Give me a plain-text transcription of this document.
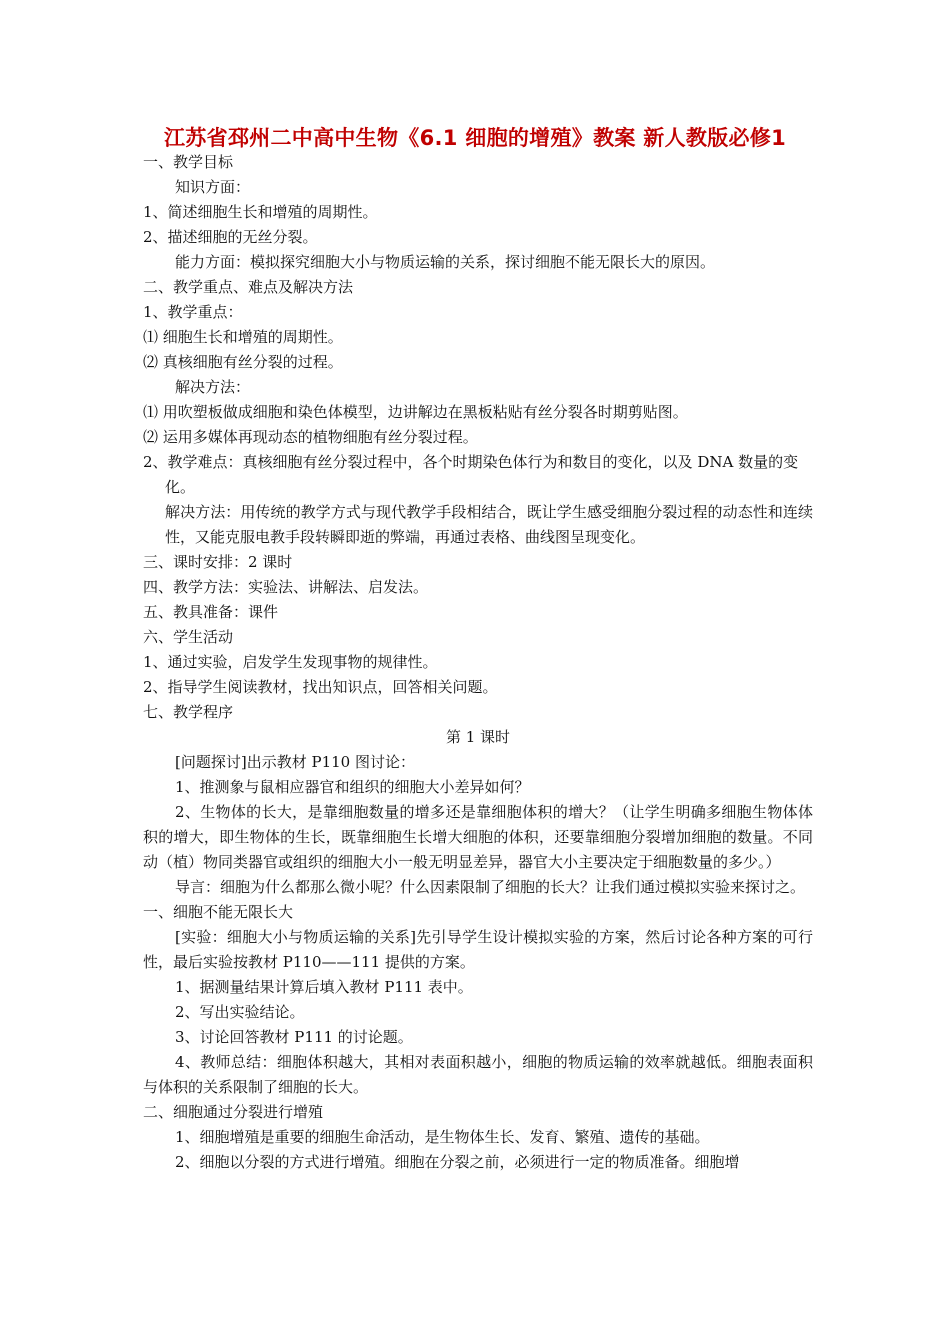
江苏省邳州二中高中生物《6.1 细胞的增殖》教案 新人教版必修1
一、教学目标
知识方面：
1、简述细胞生长和增殖的周期性。
2、描述细胞的无丝分裂。
能力方面：模拟探究细胞大小与物质运输的关系，探讨细胞不能无限长大的原因。
二、教学重点、难点及解决方法
1、教学重点：
⑴ 细胞生长和增殖的周期性。
⑵ 真核细胞有丝分裂的过程。
解决方法：
⑴ 用吹塑板做成细胞和染色体模型，边讲解边在黑板粘贴有丝分裂各时期剪贴图。
⑵ 运用多媒体再现动态的植物细胞有丝分裂过程。
2、教学难点：真核细胞有丝分裂过程中，各个时期染色体行为和数目的变化，以及 DNA 数量的变化。
解决方法：用传统的教学方式与现代教学手段相结合，既让学生感受细胞分裂过程的动态性和连续性，又能克服电教手段转瞬即逝的弊端，再通过表格、曲线图呈现变化。
三、课时安排：2 课时
四、教学方法：实验法、讲解法、启发法。
五、教具准备：课件
六、学生活动
1、通过实验，启发学生发现事物的规律性。
2、指导学生阅读教材，找出知识点，回答相关问题。
七、教学程序
第 1 课时
[问题探讨]出示教材 P110 图讨论：
1、推测象与鼠相应器官和组织的细胞大小差异如何？
2、生物体的长大，是靠细胞数量的增多还是靠细胞体积的增大？（让学生明确多细胞生物体体积的增大，即生物体的生长，既靠细胞生长增大细胞的体积，还要靠细胞分裂增加细胞的数量。不同动（植）物同类器官或组织的细胞大小一般无明显差异，器官大小主要决定于细胞数量的多少。）
导言：细胞为什么都那么微小呢？什么因素限制了细胞的长大？让我们通过模拟实验来探讨之。
一、细胞不能无限长大
[实验：细胞大小与物质运输的关系]先引导学生设计模拟实验的方案，然后讨论各种方案的可行性，最后实验按教材 P110——111 提供的方案。
1、据测量结果计算后填入教材 P111 表中。
2、写出实验结论。
3、讨论回答教材 P111 的讨论题。
4、教师总结：细胞体积越大，其相对表面积越小，细胞的物质运输的效率就越低。细胞表面积与体积的关系限制了细胞的长大。
二、细胞通过分裂进行增殖
1、细胞增殖是重要的细胞生命活动，是生物体生长、发育、繁殖、遗传的基础。
2、细胞以分裂的方式进行增殖。细胞在分裂之前，必须进行一定的物质准备。细胞增
